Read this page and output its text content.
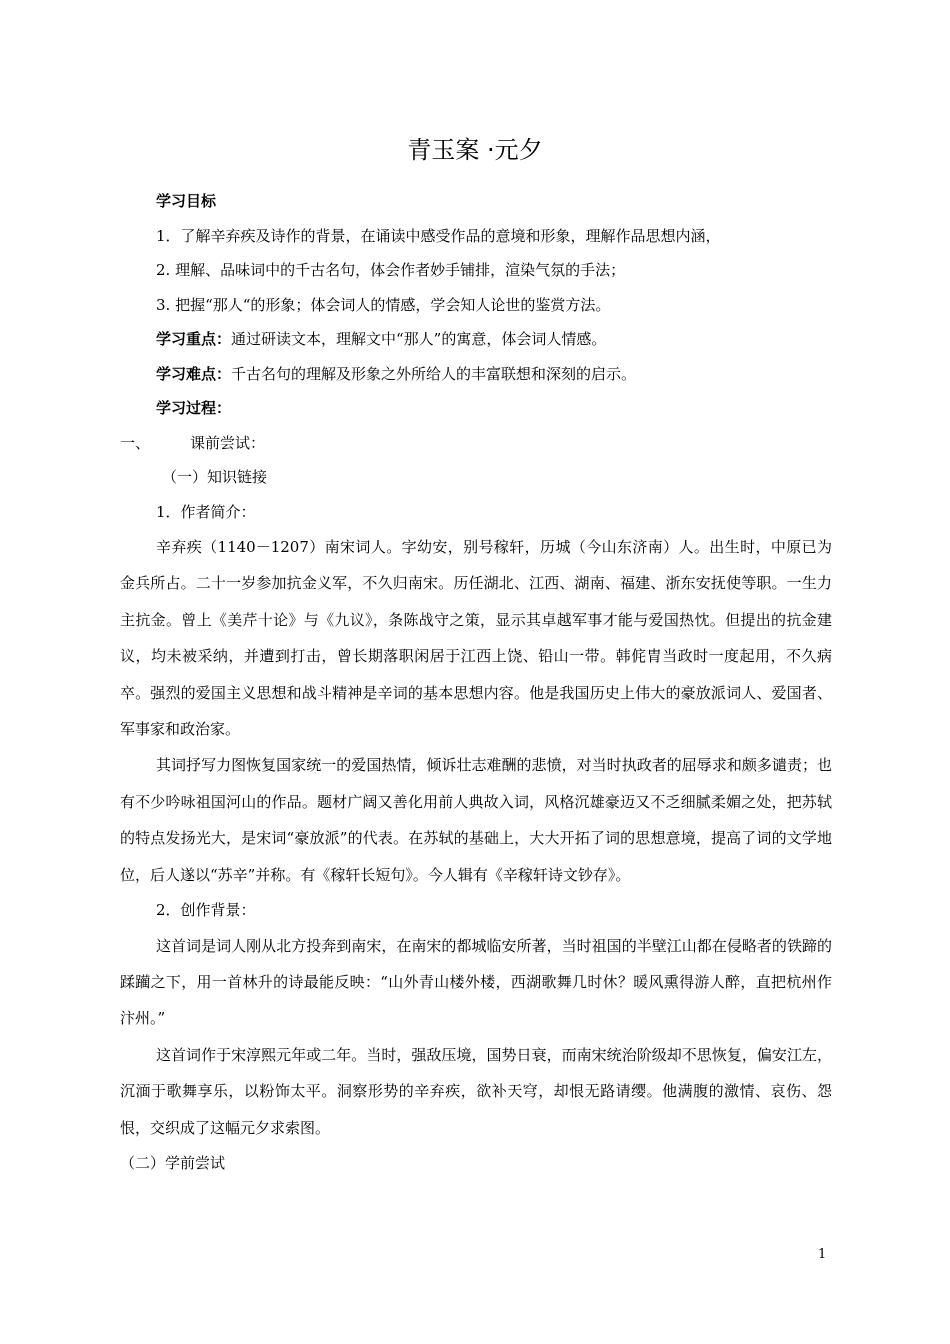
青玉案 ·元夕
学习目标
1．了解辛弃疾及诗作的背景，在诵读中感受作品的意境和形象，理解作品思想内涵，
2. 理解、品味词中的千古名句，体会作者妙手铺排，渲染气氛的手法；
3. 把握“那人“的形象；体会词人的情感，学会知人论世的鉴赏方法。
学习重点：通过研读文本，理解文中“那人”的寓意，体会词人情感。
学习难点：千古名句的理解及形象之外所给人的丰富联想和深刻的启示。
学习过程：
一、	课前尝试：
（一）知识链接
1．作者简介：

辛弃疾（1140－1207）南宋词人。字幼安，别号稼轩，历城（今山东济南）人。出生时，中原已为金兵所占。二十一岁参加抗金义军，不久归南宋。历任湖北、江西、湖南、福建、浙东安抚使等职。一生力主抗金。曾上《美芹十论》与《九议》，条陈战守之策，显示其卓越军事才能与爱国热忱。但提出的抗金建议，均未被采纳，并遭到打击，曾长期落职闲居于江西上饶、铅山一带。韩侂胄当政时一度起用，不久病卒。强烈的爱国主义思想和战斗精神是辛词的基本思想内容。他是我国历史上伟大的豪放派词人、爱国者、军事家和政治家。

其词抒写力图恢复国家统一的爱国热情，倾诉壮志难酬的悲愤，对当时执政者的屈辱求和颇多谴责；也有不少吟咏祖国河山的作品。题材广阔又善化用前人典故入词，风格沉雄豪迈又不乏细腻柔媚之处，把苏轼的特点发扬光大，是宋词“豪放派”的代表。在苏轼的基础上，大大开拓了词的思想意境，提高了词的文学地位，后人遂以“苏辛”并称。有《稼轩长短句》。今人辑有《辛稼轩诗文钞存》。

2．创作背景：

这首词是词人刚从北方投奔到南宋，在南宋的都城临安所著，当时祖国的半壁江山都在侵略者的铁蹄的蹂躏之下，用一首林升的诗最能反映：“山外青山楼外楼，西湖歌舞几时休？暖风熏得游人醉，直把杭州作汴州。”

这首词作于宋淳熙元年或二年。当时，强敌压境，国势日衰，而南宋统治阶级却不思恢复，偏安江左，沉湎于歌舞享乐，以粉饰太平。洞察形势的辛弃疾，欲补天穹，却恨无路请缨。他满腹的激情、哀伤、怨恨，交织成了这幅元夕求索图。

（二）学前尝试
1
